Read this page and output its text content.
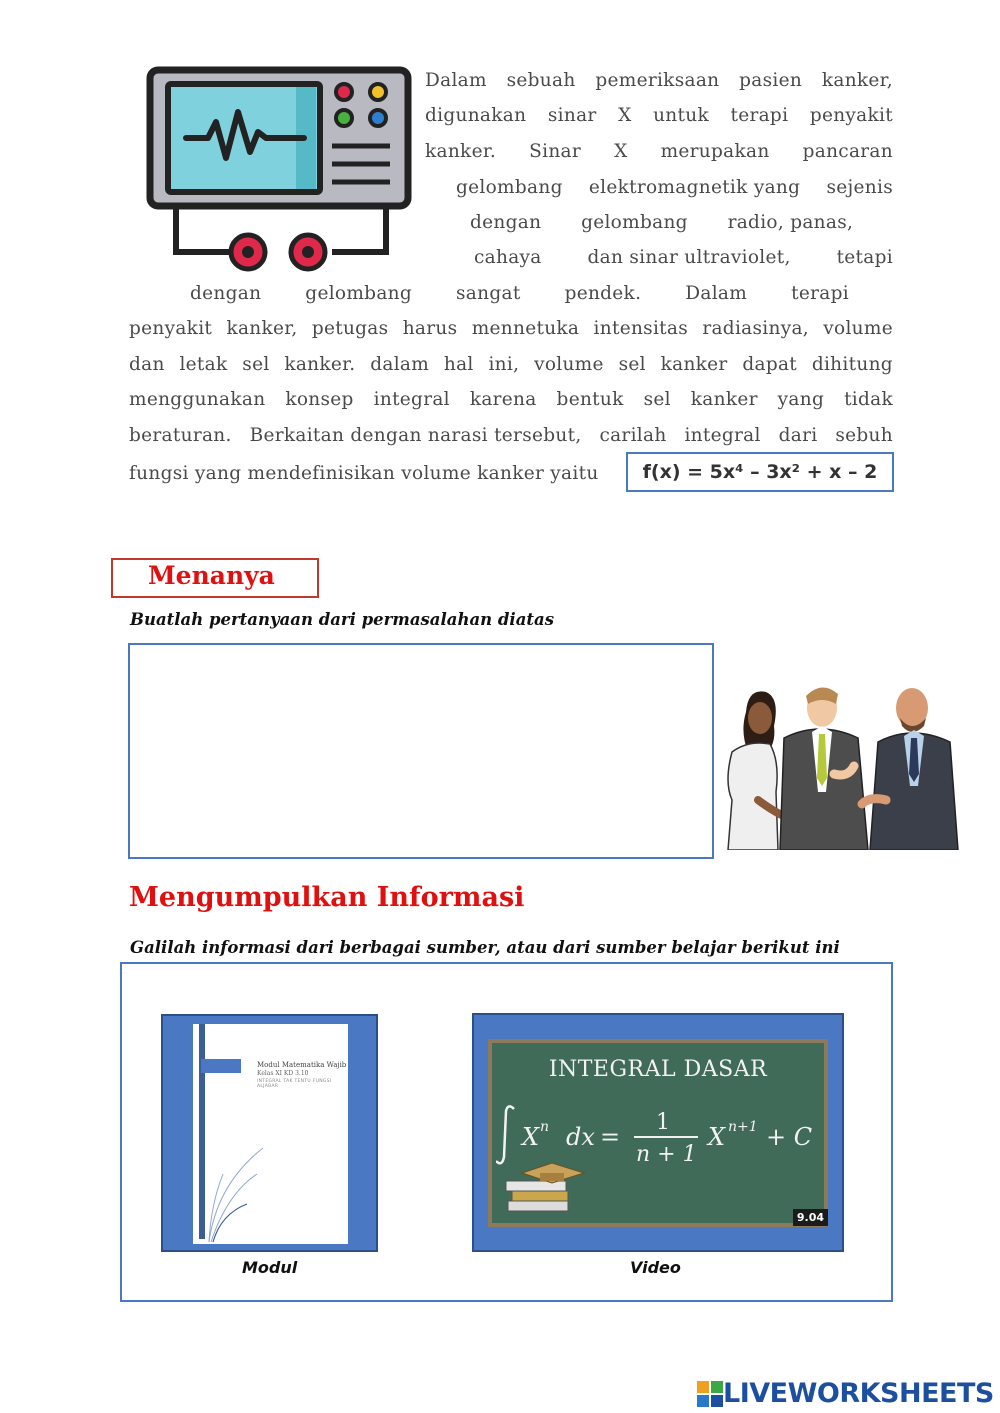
Dalam sebuah pemeriksaan pasien kanker,
digunakan sinar X untuk terapi penyakit
kanker. Sinar X merupakan pancaran
gelombang elektromagnetik yang sejenis
dengan gelombang radio, panas,
cahaya dan sinar ultraviolet, tetapi
dengan gelombang sangat pendek. Dalam terapi
penyakit kanker, petugas harus mennetuka intensitas radiasinya, volume
dan letak sel kanker. dalam hal ini, volume sel kanker dapat dihitung
menggunakan konsep integral karena bentuk sel kanker yang tidak
beraturan. Berkaitan dengan narasi tersebut, carilah integral dari sebuh
fungsi yang mendefinisikan volume kanker yaitu f(x) = 5x⁴ – 3x² + x – 2
Menanya
Buatlah pertanyaan dari permasalahan diatas
Mengumpulkan Informasi
Galilah informasi dari berbagai sumber, atau dari sumber belajar berikut ini
Modul Matematika Wajib
Kelas XI KD 3.10
INTEGRAL TAK TENTU FUNGSI ALJABAR
Modul
INTEGRAL DASAR
X n dx =
1
n + 1
X n+1 + C
9.04
Video
LIVEWORKSHEETS
